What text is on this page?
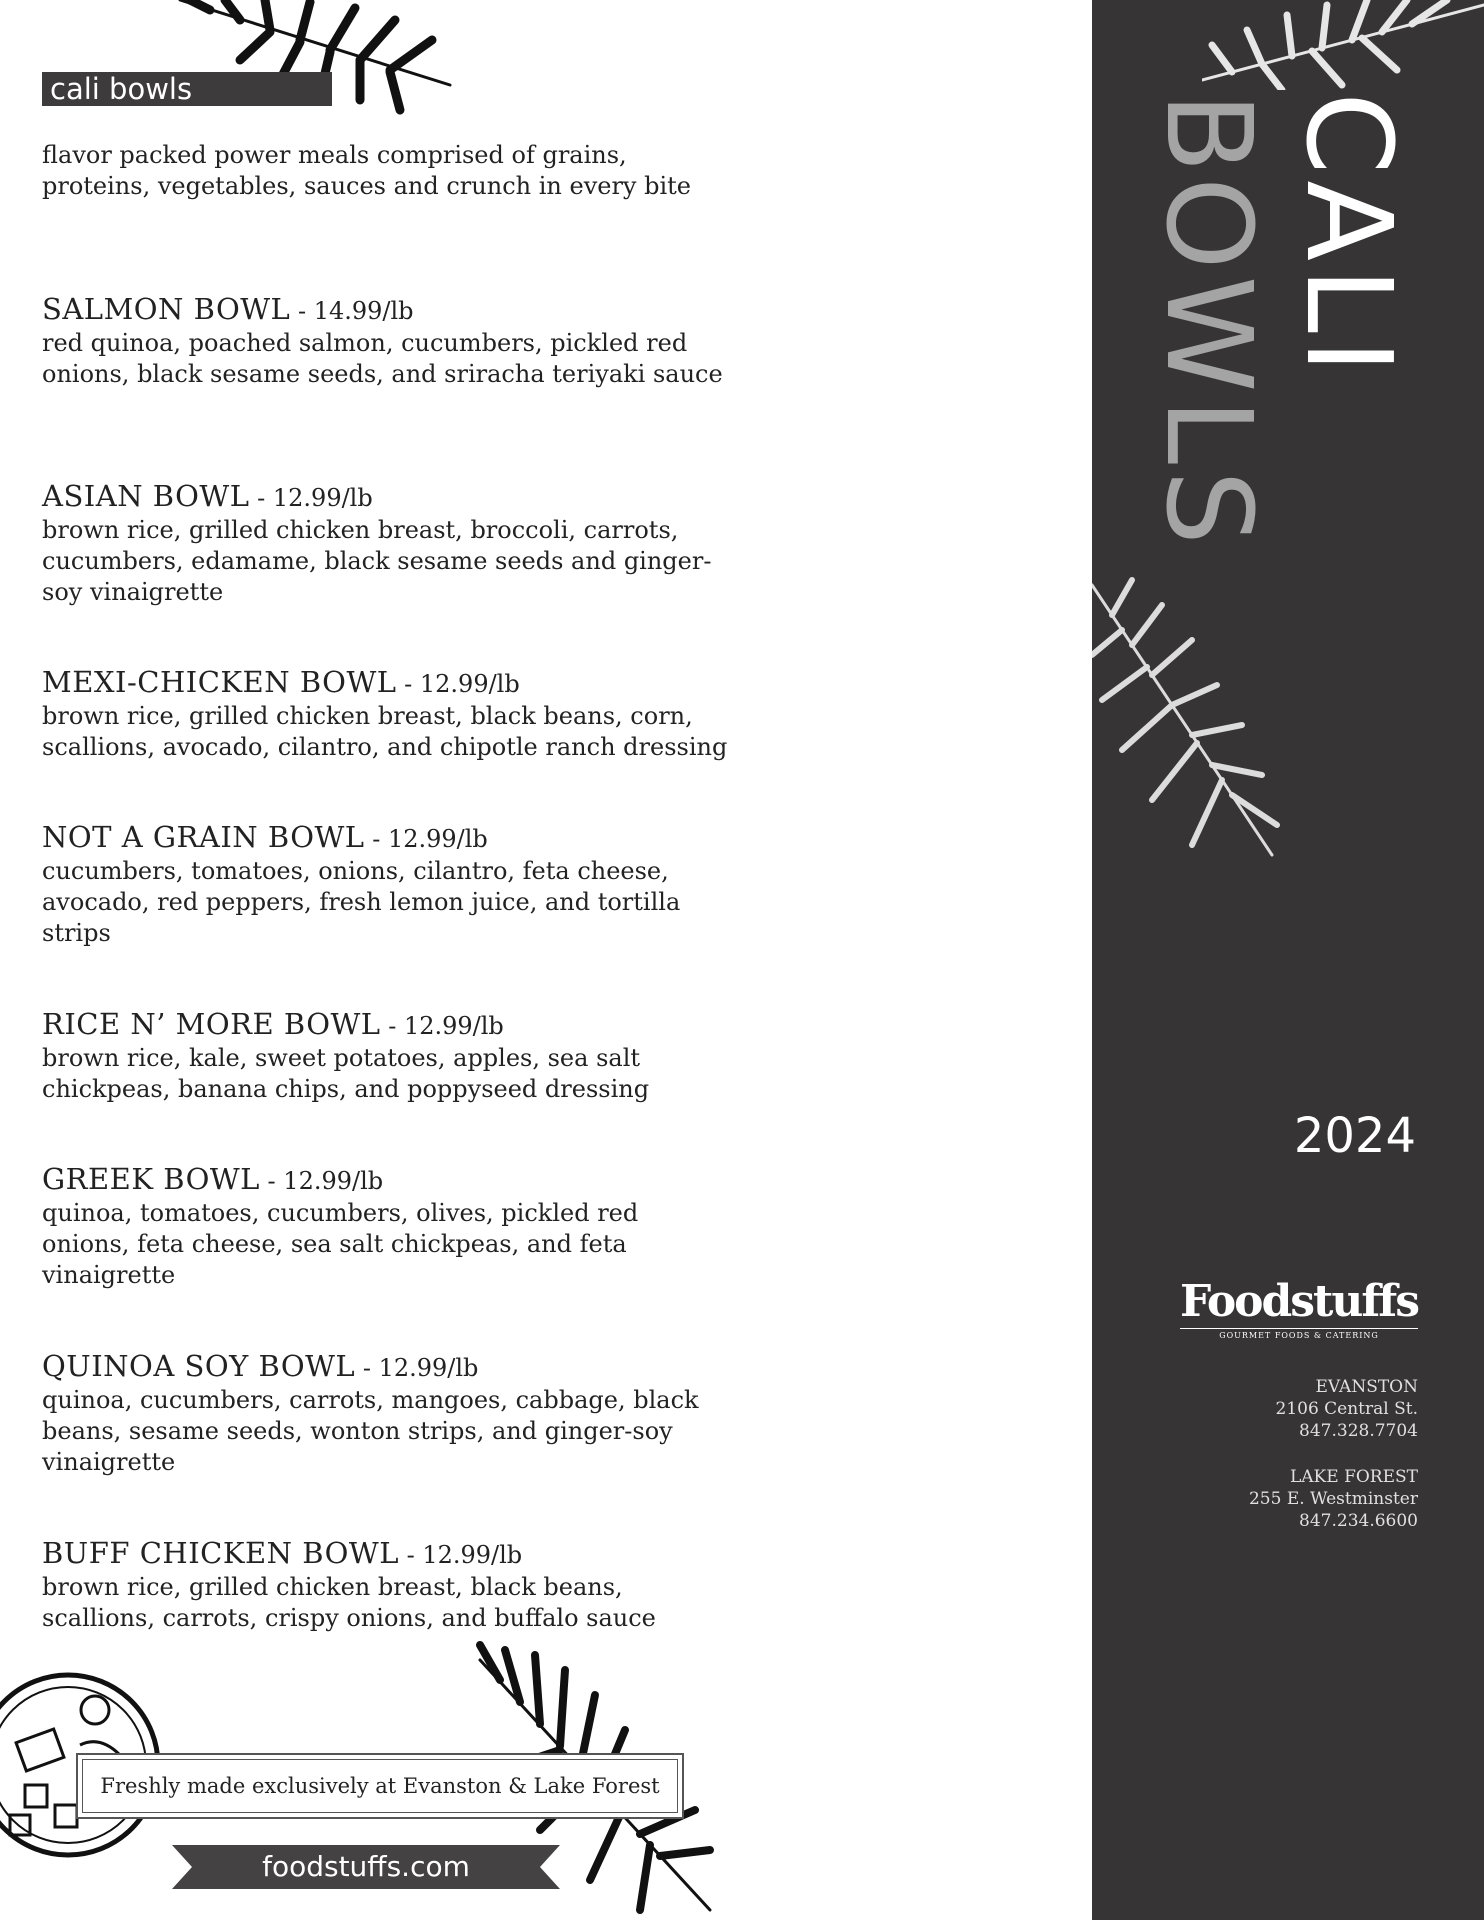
cali bowls

flavor packed power meals comprised of grains, proteins, vegetables, sauces and crunch in every bite

SALMON BOWL - 14.99/lb
red quinoa, poached salmon, cucumbers, pickled red onions, black sesame seeds, and sriracha teriyaki sauce
ASIAN BOWL - 12.99/lb
brown rice, grilled chicken breast, broccoli, carrots, cucumbers, edamame, black sesame seeds and ginger-soy vinaigrette
MEXI-CHICKEN BOWL - 12.99/lb
brown rice, grilled chicken breast, black beans, corn, scallions, avocado, cilantro, and chipotle ranch dressing
NOT A GRAIN BOWL - 12.99/lb
cucumbers, tomatoes, onions, cilantro, feta cheese, avocado, red peppers, fresh lemon juice, and tortilla strips
RICE N’ MORE BOWL - 12.99/lb
brown rice, kale, sweet potatoes, apples, sea salt chickpeas, banana chips, and poppyseed dressing
GREEK BOWL - 12.99/lb
quinoa, tomatoes, cucumbers, olives, pickled red onions, feta cheese, sea salt chickpeas, and feta vinaigrette
QUINOA SOY BOWL - 12.99/lb
quinoa, cucumbers, carrots, mangoes, cabbage, black beans, sesame seeds, wonton strips, and ginger-soy vinaigrette
BUFF CHICKEN BOWL - 12.99/lb
brown rice, grilled chicken breast, black beans, scallions, carrots, crispy onions, and buffalo sauce
Freshly made exclusively at Evanston & Lake Forest
foodstuffs.com
CALI
BOWLS
2024
Foodstuffs
GOURMET FOODS & CATERING
EVANSTON
2106 Central St.
847.328.7704
LAKE FOREST
255 E. Westminster
847.234.6600
